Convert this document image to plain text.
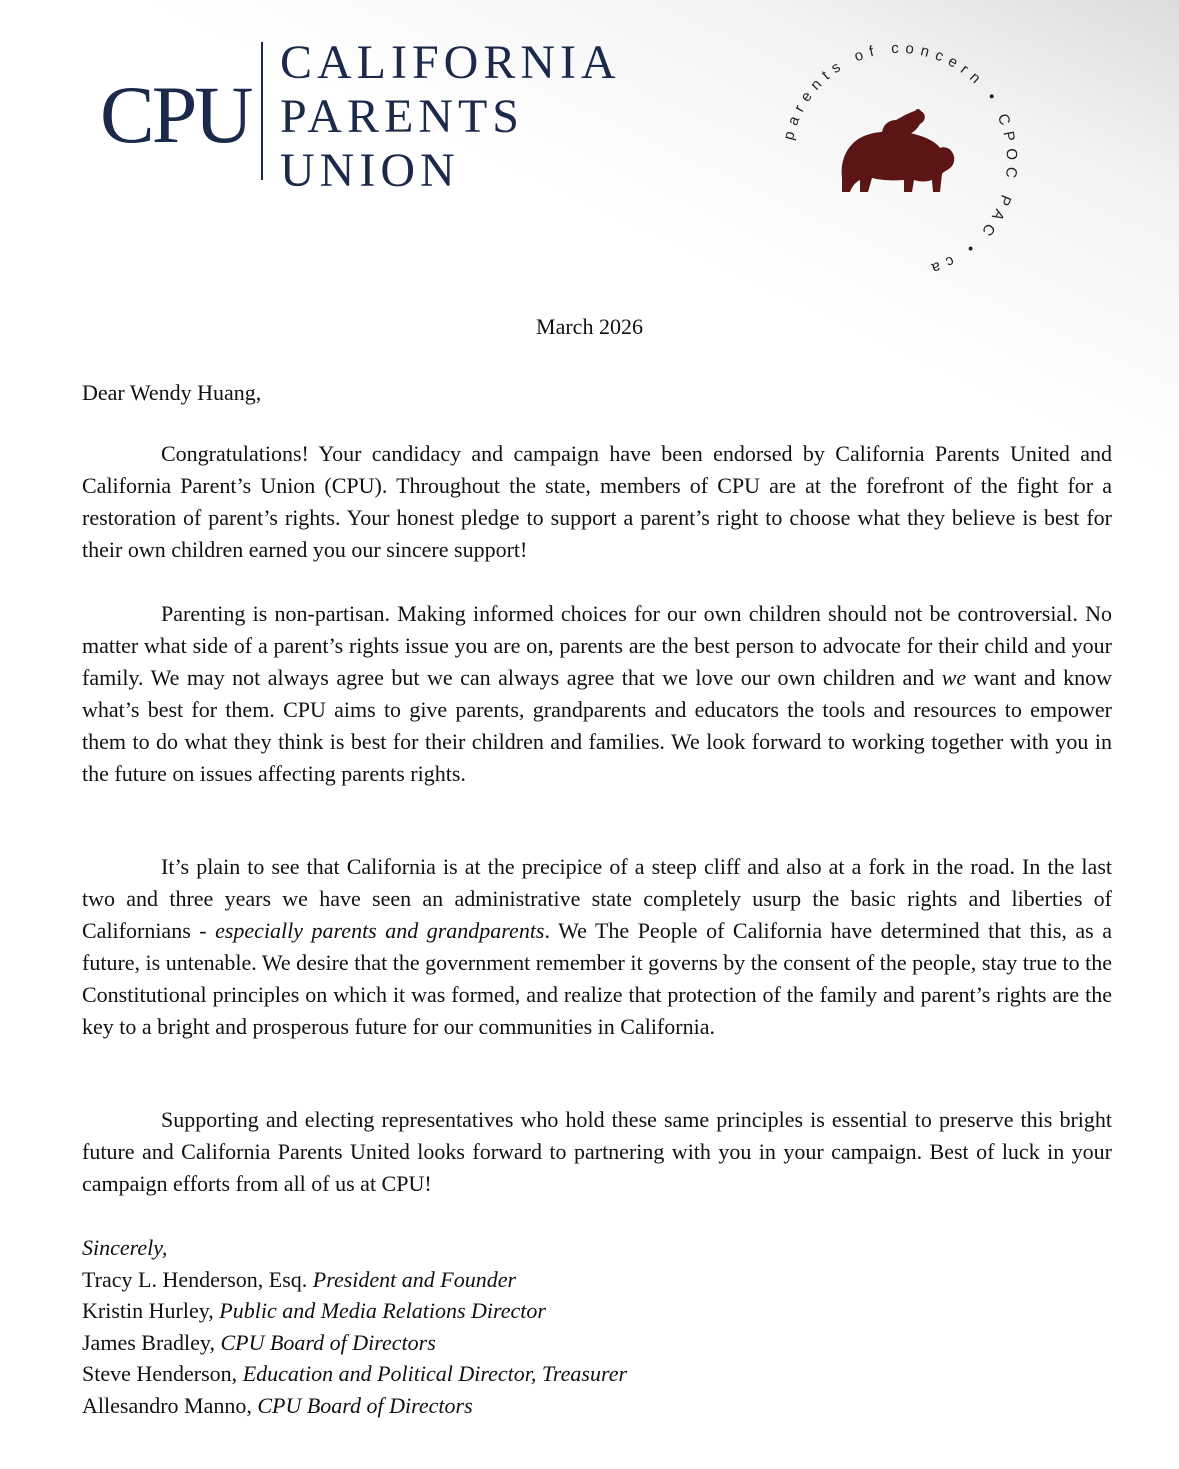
CPU
CALIFORNIA
PARENTS
UNION
parents of concern • CPOC PAC • ca
March 2026
Dear Wendy Huang,

Congratulations! Your candidacy and campaign have been endorsed by California Parents United and California Parent’s Union (CPU). Throughout the state, members of CPU are at the forefront of the fight for a restoration of parent’s rights. Your honest pledge to support a parent’s right to choose what they believe is best for their own children earned you our sincere support!

Parenting is non-partisan. Making informed choices for our own children should not be controversial. No matter what side of a parent’s rights issue you are on, parents are the best person to advocate for their child and your family. We may not always agree but we can always agree that we love our own children and we want and know what’s best for them. CPU aims to give parents, grandparents and educators the tools and resources to empower them to do what they think is best for their children and families. We look forward to working together with you in the future on issues affecting parents rights.

It’s plain to see that California is at the precipice of a steep cliff and also at a fork in the road. In the last two and three years we have seen an administrative state completely usurp the basic rights and liberties of Californians - especially parents and grandparents. We The People of California have determined that this, as a future, is untenable. We desire that the government remember it governs by the consent of the people, stay true to the Constitutional principles on which it was formed, and realize that protection of the family and parent’s rights are the key to a bright and prosperous future for our communities in California.

Supporting and electing representatives who hold these same principles is essential to preserve this bright future and California Parents United looks forward to partnering with you in your campaign. Best of luck in your campaign efforts from all of us at CPU!

Sincerely,
Tracy L. Henderson, Esq. President and Founder
Kristin Hurley, Public and Media Relations Director
James Bradley, CPU Board of Directors
Steve Henderson, Education and Political Director, Treasurer
Allesandro Manno, CPU Board of Directors
